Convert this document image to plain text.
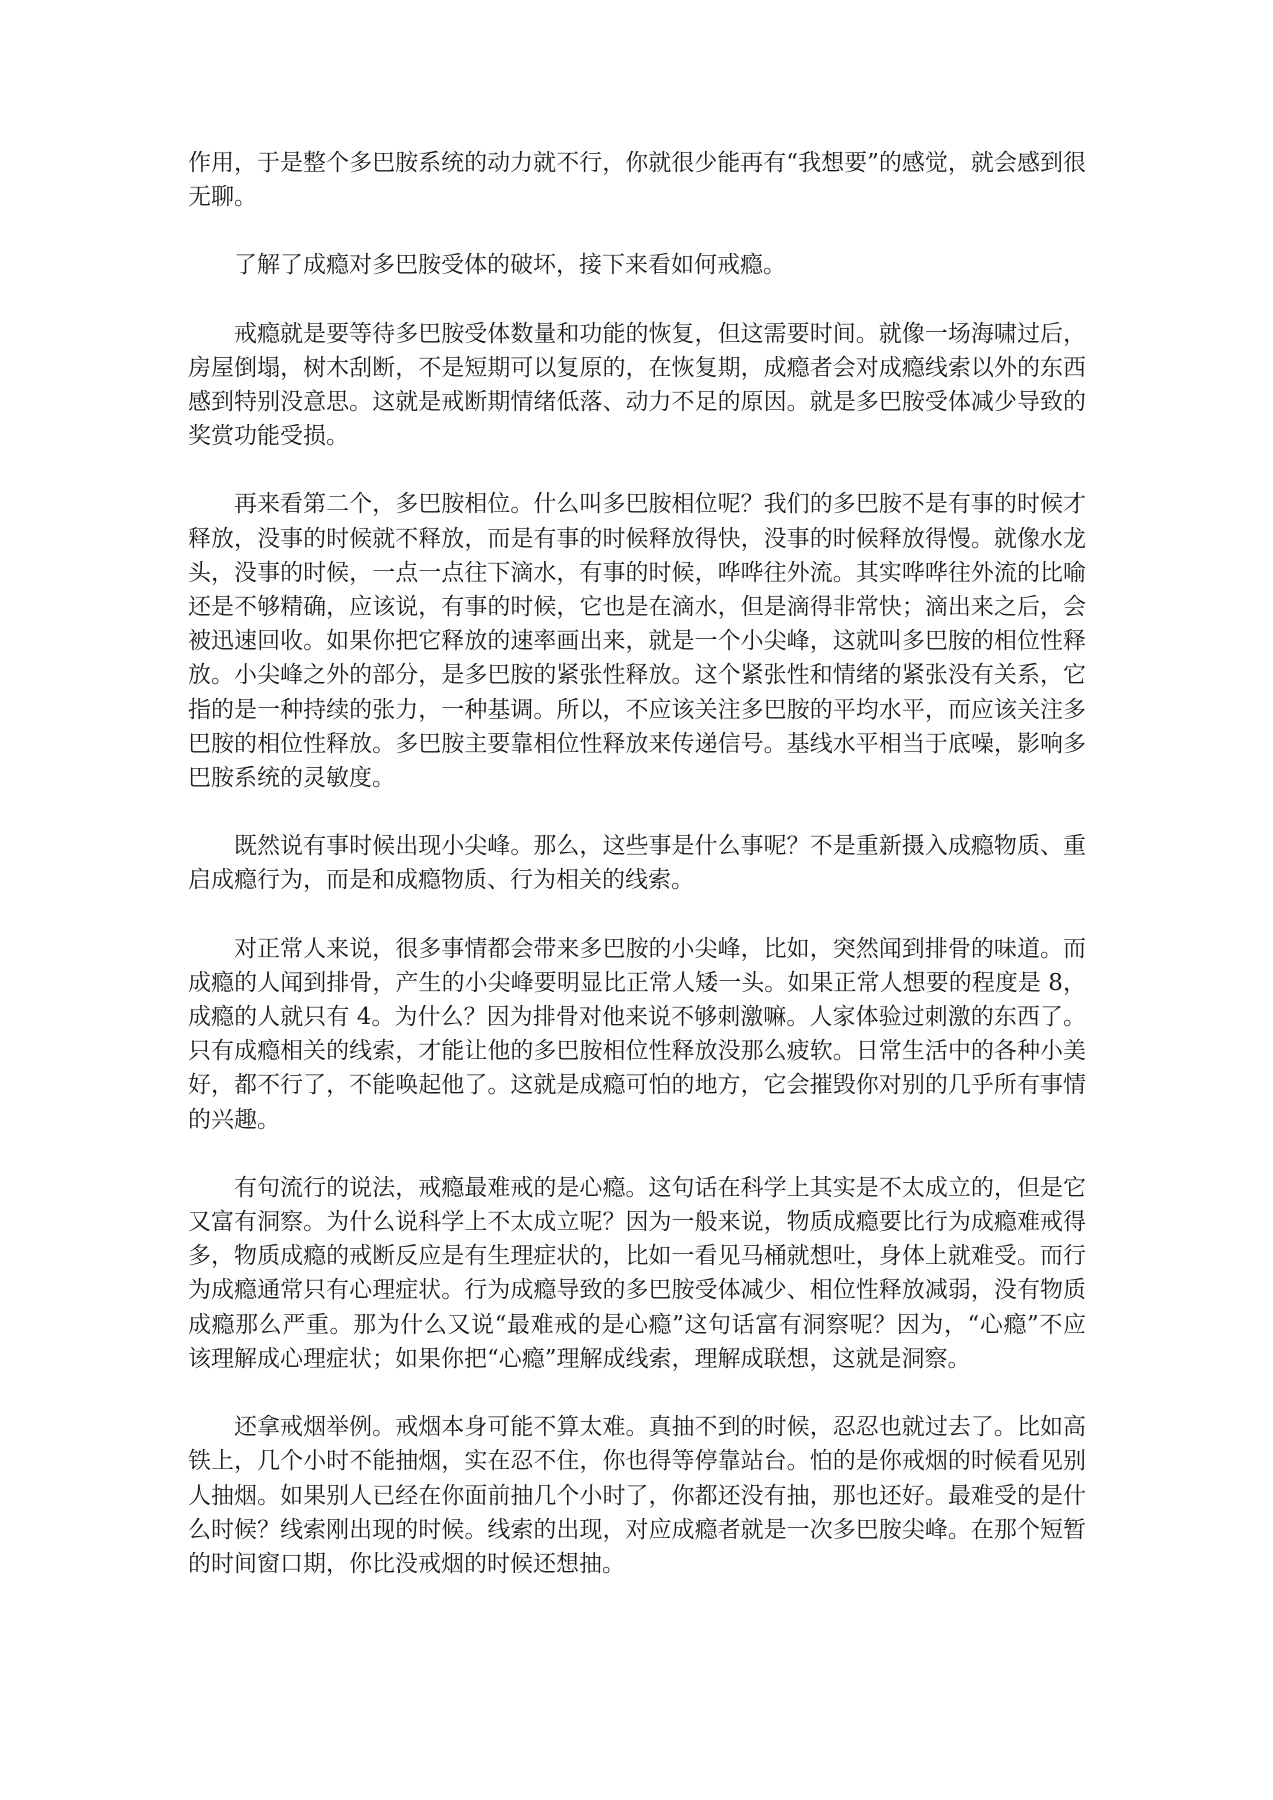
作用，于是整个多巴胺系统的动力就不行，你就很少能再有“我想要”的感觉，就会感到很无聊。

了解了成瘾对多巴胺受体的破坏，接下来看如何戒瘾。

戒瘾就是要等待多巴胺受体数量和功能的恢复，但这需要时间。就像一场海啸过后，房屋倒塌，树木刮断，不是短期可以复原的，在恢复期，成瘾者会对成瘾线索以外的东西感到特别没意思。这就是戒断期情绪低落、动力不足的原因。就是多巴胺受体减少导致的奖赏功能受损。

再来看第二个，多巴胺相位。什么叫多巴胺相位呢？我们的多巴胺不是有事的时候才释放，没事的时候就不释放，而是有事的时候释放得快，没事的时候释放得慢。就像水龙头，没事的时候，一点一点往下滴水，有事的时候，哗哗往外流。其实哗哗往外流的比喻还是不够精确，应该说，有事的时候，它也是在滴水，但是滴得非常快；滴出来之后，会被迅速回收。如果你把它释放的速率画出来，就是一个小尖峰，这就叫多巴胺的相位性释放。小尖峰之外的部分，是多巴胺的紧张性释放。这个紧张性和情绪的紧张没有关系，它指的是一种持续的张力，一种基调。所以，不应该关注多巴胺的平均水平，而应该关注多巴胺的相位性释放。多巴胺主要靠相位性释放来传递信号。基线水平相当于底噪，影响多巴胺系统的灵敏度。

既然说有事时候出现小尖峰。那么，这些事是什么事呢？不是重新摄入成瘾物质、重启成瘾行为，而是和成瘾物质、行为相关的线索。

对正常人来说，很多事情都会带来多巴胺的小尖峰，比如，突然闻到排骨的味道。而成瘾的人闻到排骨，产生的小尖峰要明显比正常人矮一头。如果正常人想要的程度是 8，成瘾的人就只有 4。为什么？因为排骨对他来说不够刺激嘛。人家体验过刺激的东西了。只有成瘾相关的线索，才能让他的多巴胺相位性释放没那么疲软。日常生活中的各种小美好，都不行了，不能唤起他了。这就是成瘾可怕的地方，它会摧毁你对别的几乎所有事情的兴趣。

有句流行的说法，戒瘾最难戒的是心瘾。这句话在科学上其实是不太成立的，但是它又富有洞察。为什么说科学上不太成立呢？因为一般来说，物质成瘾要比行为成瘾难戒得多，物质成瘾的戒断反应是有生理症状的，比如一看见马桶就想吐，身体上就难受。而行为成瘾通常只有心理症状。行为成瘾导致的多巴胺受体减少、相位性释放减弱，没有物质成瘾那么严重。那为什么又说“最难戒的是心瘾”这句话富有洞察呢？因为，“心瘾”不应该理解成心理症状；如果你把“心瘾”理解成线索，理解成联想，这就是洞察。

还拿戒烟举例。戒烟本身可能不算太难。真抽不到的时候，忍忍也就过去了。比如高铁上，几个小时不能抽烟，实在忍不住，你也得等停靠站台。怕的是你戒烟的时候看见别人抽烟。如果别人已经在你面前抽几个小时了，你都还没有抽，那也还好。最难受的是什么时候？线索刚出现的时候。线索的出现，对应成瘾者就是一次多巴胺尖峰。在那个短暂的时间窗口期，你比没戒烟的时候还想抽。
